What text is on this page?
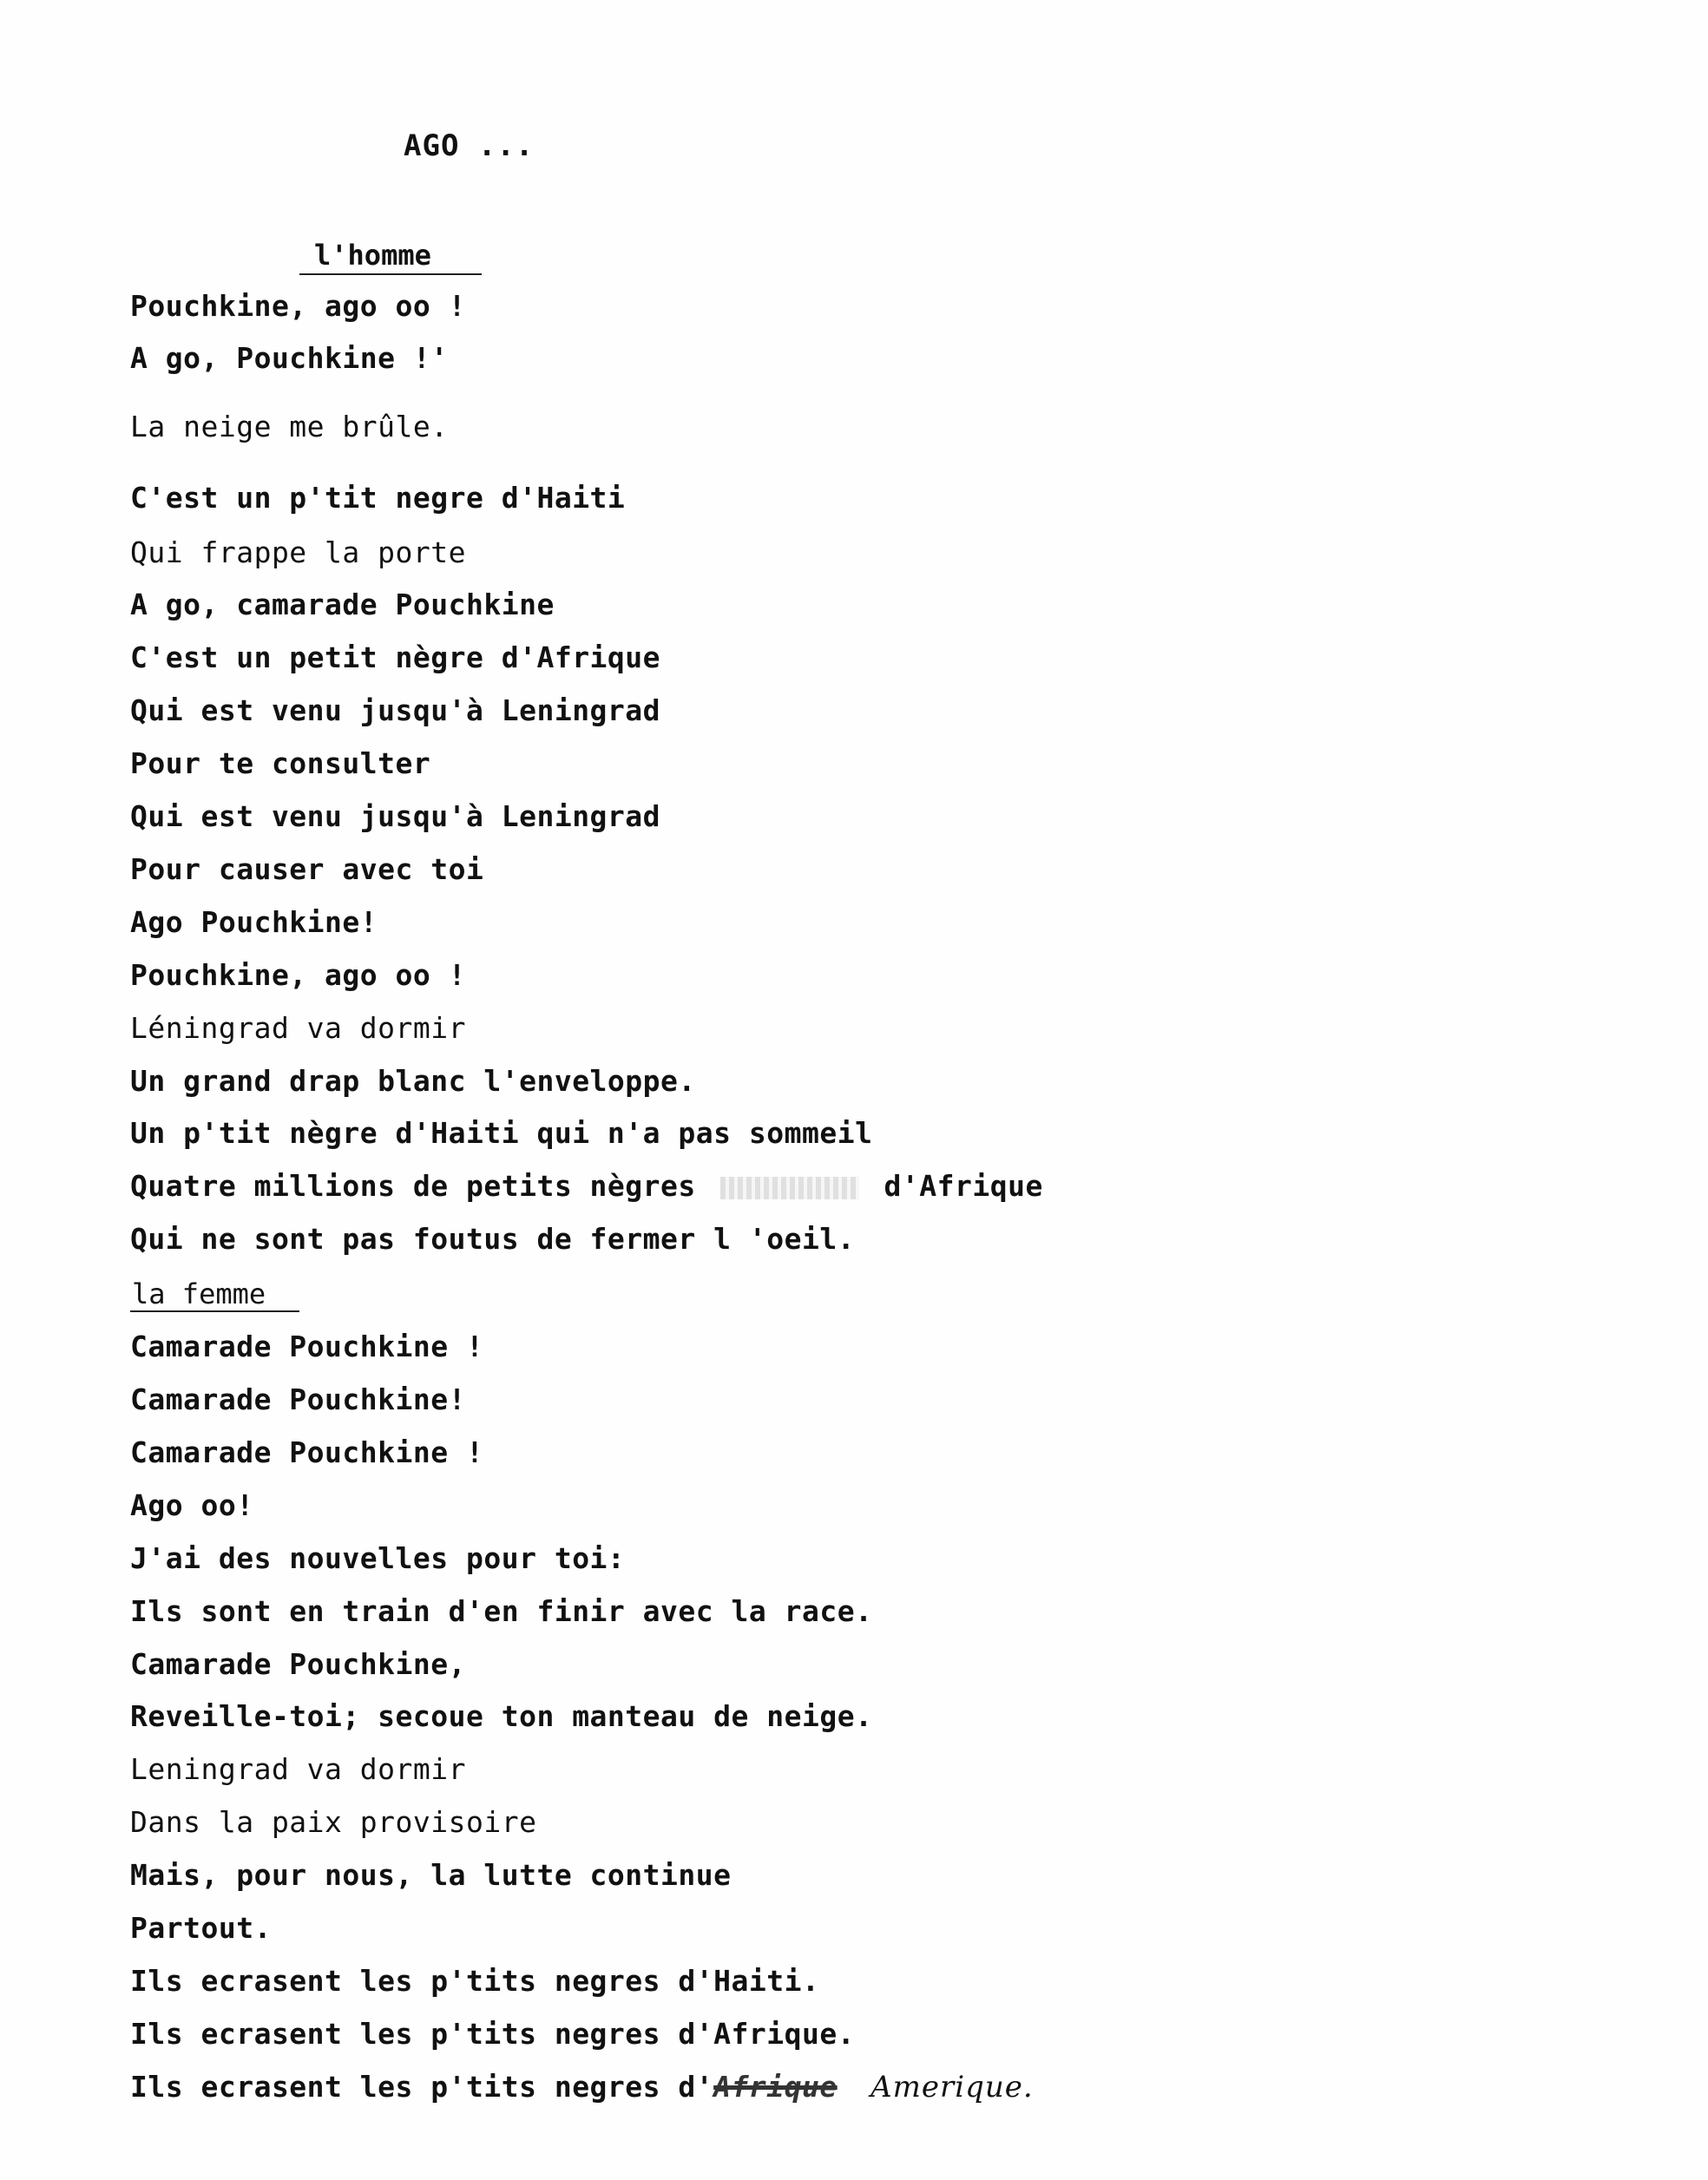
AGO ...
l'homme
Pouchkine, ago oo !
A go, Pouchkine !'
La neige me brûle.
C'est un p'tit negre d'Haiti
Qui frappe la porte
A go, camarade Pouchkine
C'est un petit nègre d'Afrique
Qui est venu jusqu'à Leningrad
Pour te consulter
Qui est venu jusqu'à Leningrad
Pour causer avec toi
Ago Pouchkine!
Pouchkine, ago oo !
Léningrad va dormir
Un grand drap blanc l'enveloppe.
Un p'tit nègre d'Haiti qui n'a pas sommeil
Quatre millions de petits nègres	d'Afrique
Qui ne sont pas foutus de fermer l 'oeil.
la femme
Camarade Pouchkine !
Camarade Pouchkine!
Camarade Pouchkine !
Ago oo!
J'ai des nouvelles pour toi:
Ils sont en train d'en finir avec la race.
Camarade Pouchkine,
Reveille-toi; secoue ton manteau de neige.
Leningrad va dormir
Dans la paix provisoire
Mais, pour nous, la lutte continue
Partout.
Ils ecrasent les p'tits negres d'Haiti.
Ils ecrasent les p'tits negres d'Afrique.
Ils ecrasent les p'tits negres d'Afrique Amerique.
